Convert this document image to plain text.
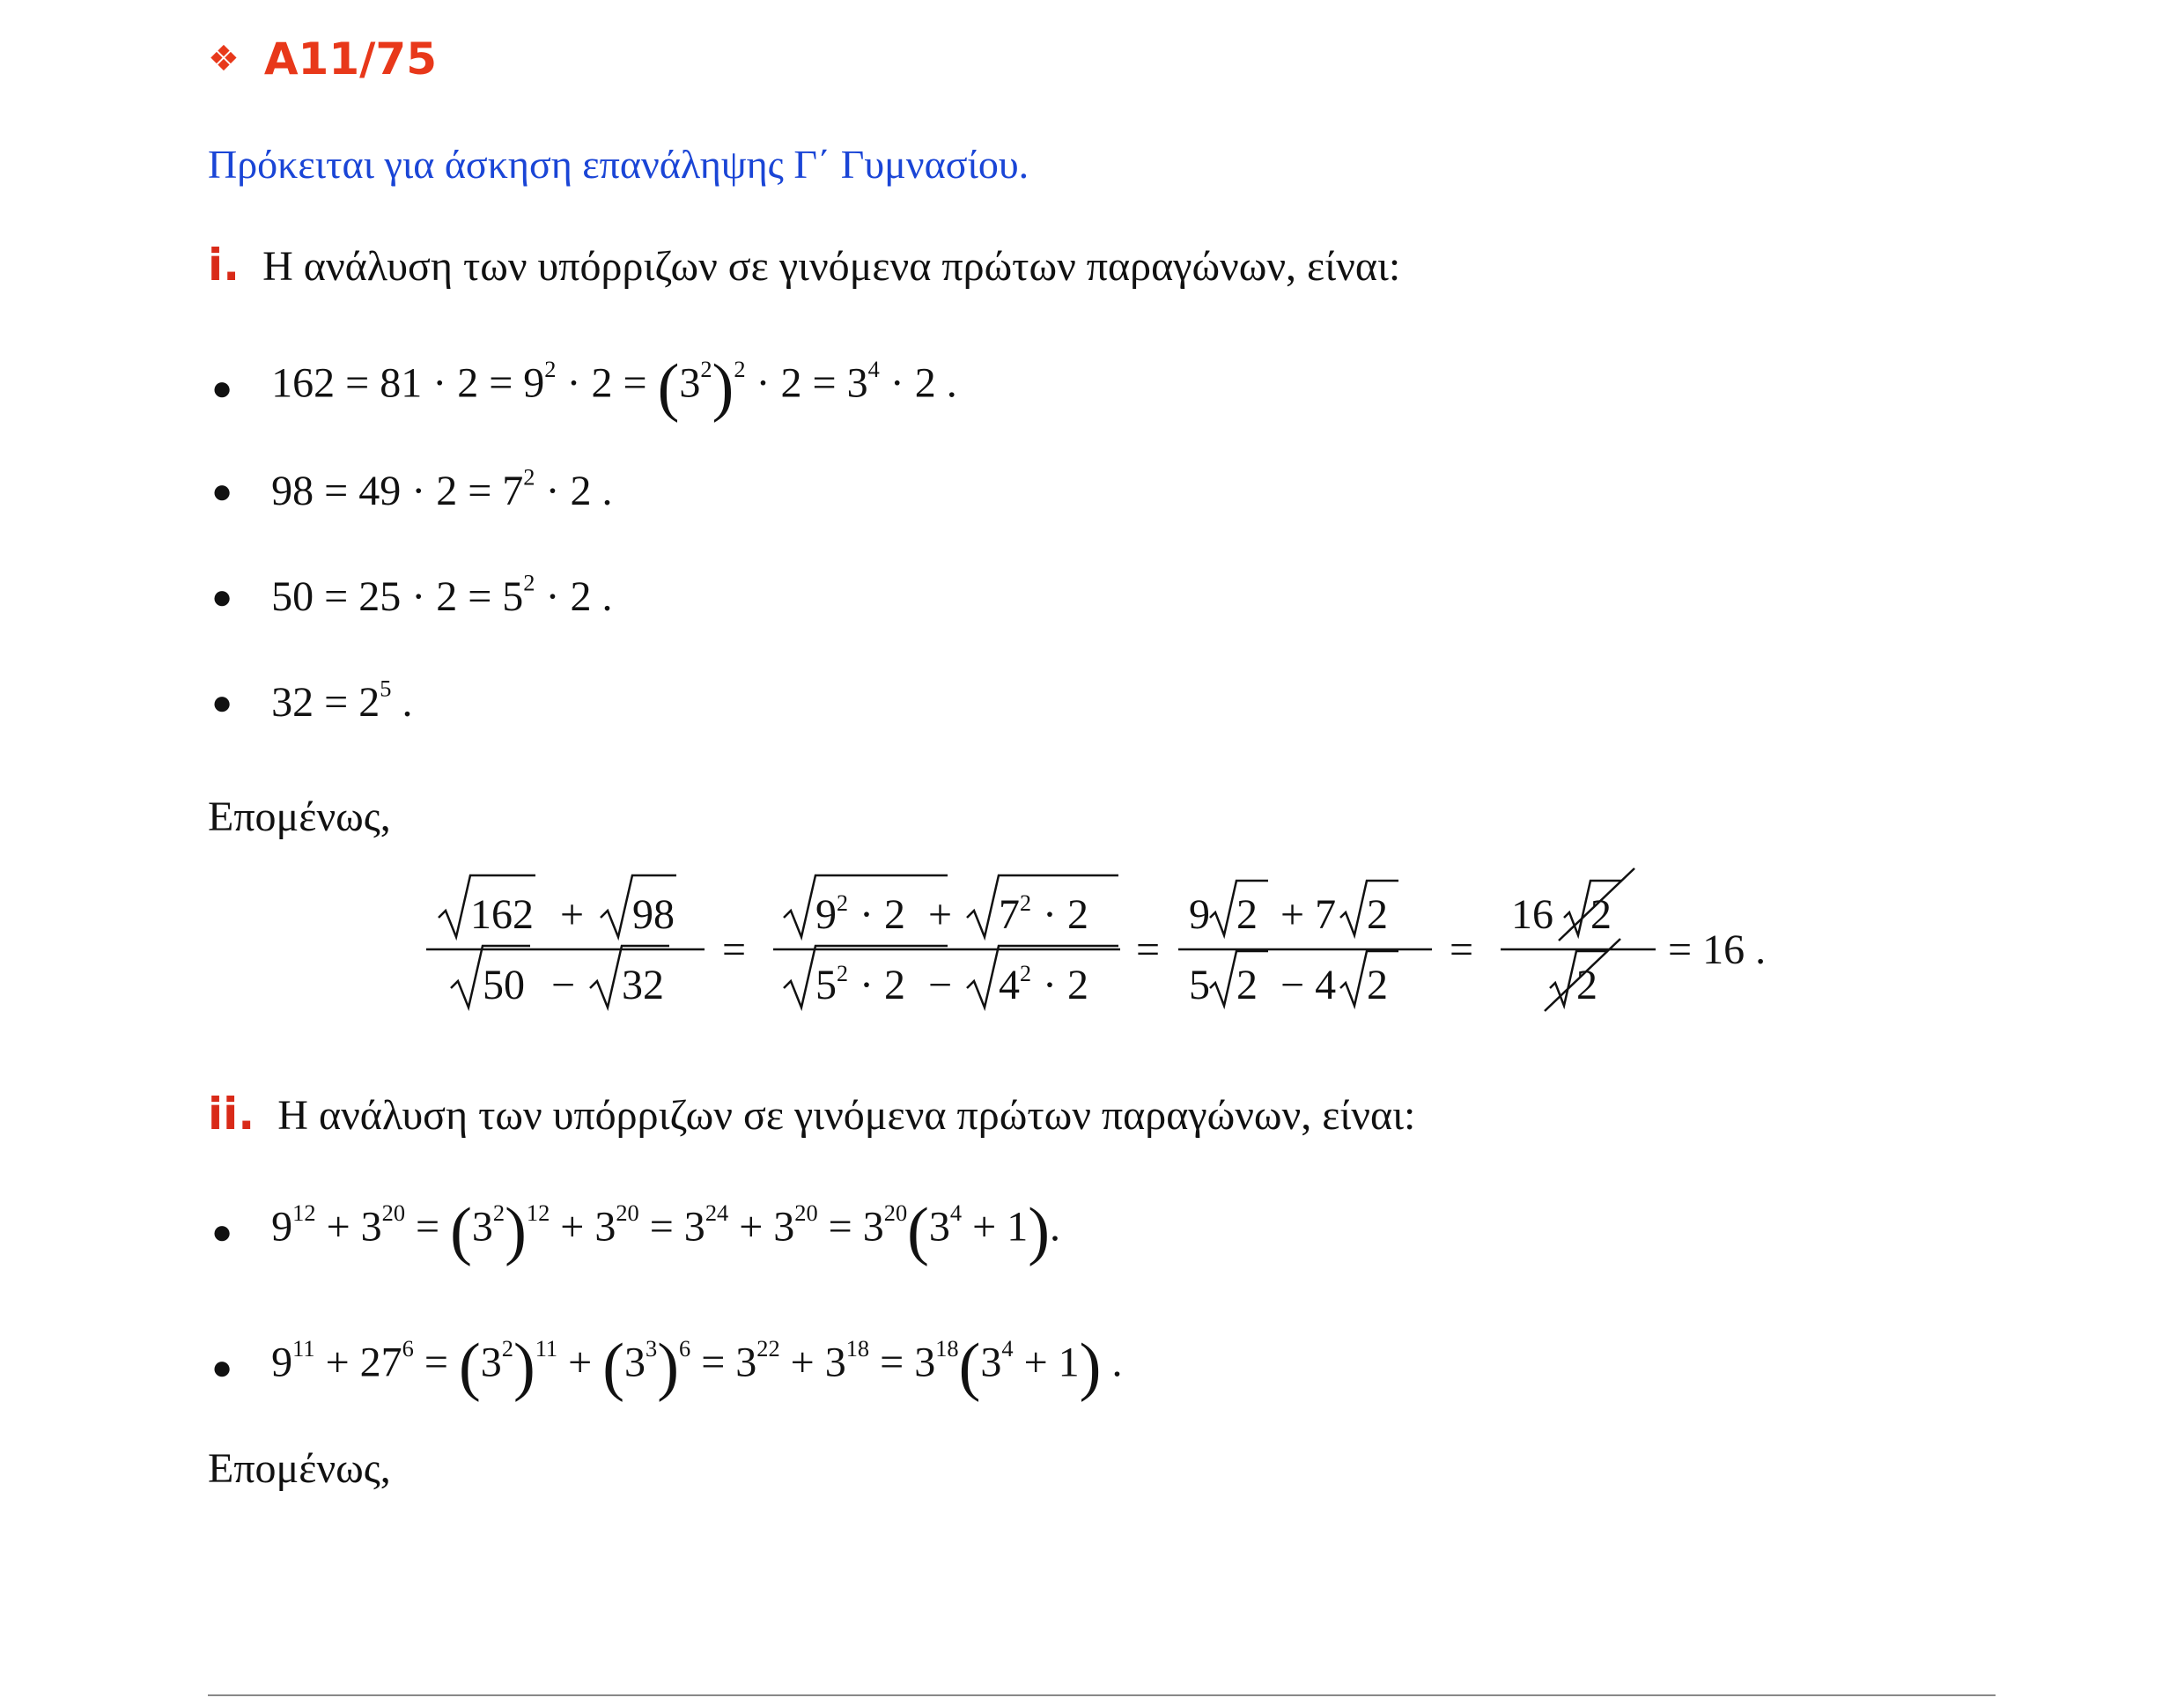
❖ A11/75
Πρόκειται για άσκηση επανάληψης Γ΄ Γυμνασίου.
i. Η ανάλυση των υπόρριζων σε γινόμενα πρώτων παραγώνων, είναι:
● $162 = 81 \cdot 2 = 9^2 \cdot 2 = (3^2)^2 \cdot 2 = 3^4 \cdot 2$ .
● $98 = 49 \cdot 2 = 7^2 \cdot 2$ .
● $50 = 25 \cdot 2 = 5^2 \cdot 2$ .
● $32 = 2^5$ .
Επομένως,
162 + 98
50 − 32
=
9 2 · 2 + 7 2 · 2
5 2 · 2 − 4 2 · 2
=
9 2 + 7 2
5 2 − 4 2
=
16 2
2
= 16 .
ii. Η ανάλυση των υπόρριζων σε γινόμενα πρώτων παραγώνων, είναι:
● $9^{12} + 3^{20} = (3^2)^{12} + 3^{20} = 3^{24} + 3^{20} = 3^{20}(3^4 + 1)$.
● $9^{11} + 27^6 = (3^2)^{11} + (3^3)^6 = 3^{22} + 3^{18} = 3^{18}(3^4 + 1)$ .
Επομένως,
